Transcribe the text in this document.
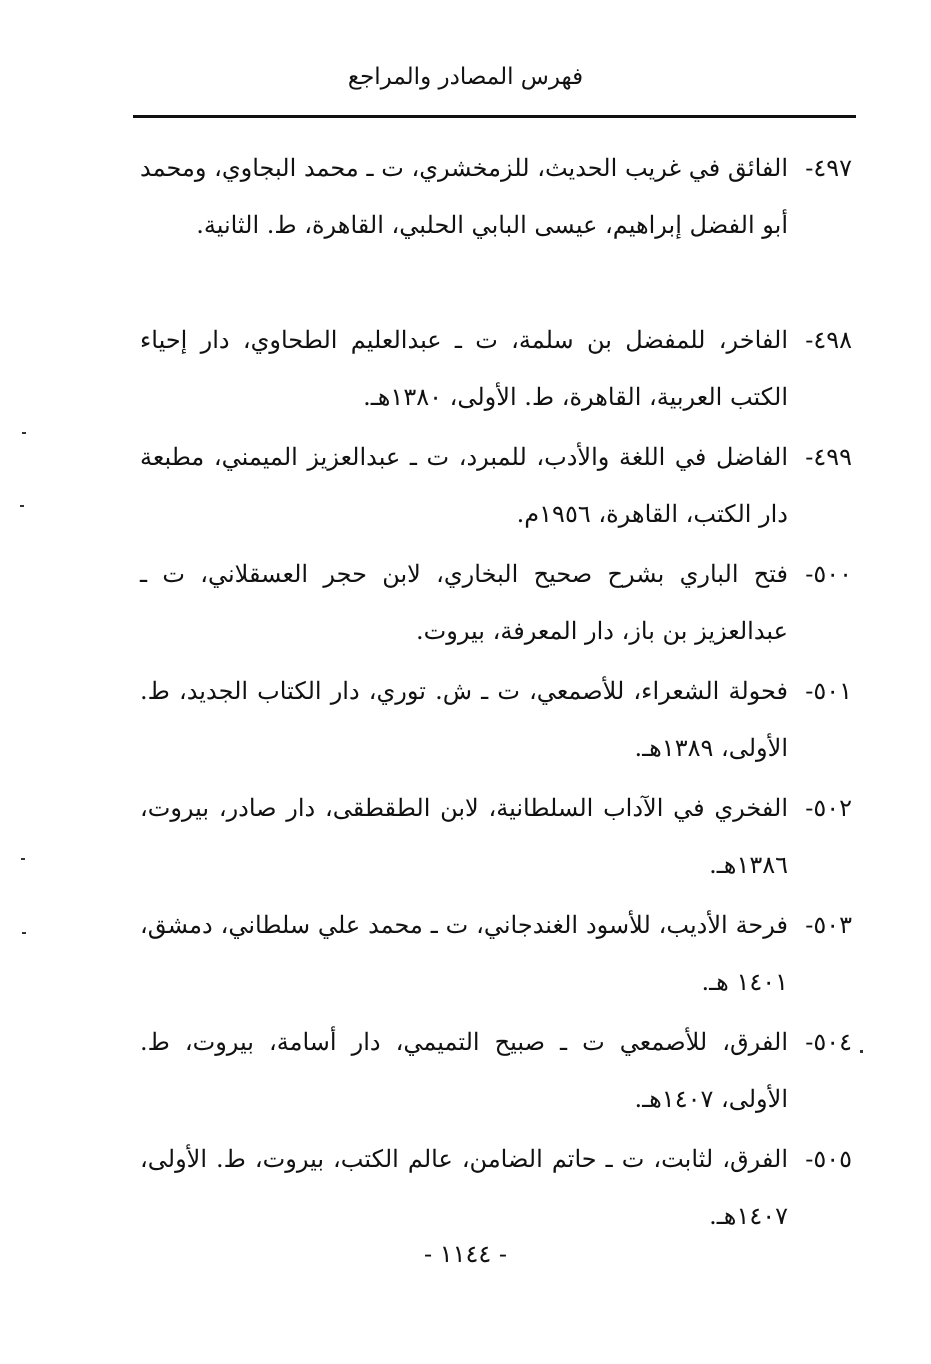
فهرس المصادر والمراجع
٤٩٧-
الفائق في غريب الحديث، للزمخشري، ت ـ محمد البجاوي، ومحمد أبو الفضل إبراهيم، عيسى البابي الحلبي، القاهرة، ط. الثانية.
٤٩٨-
الفاخر، للمفضل بن سلمة، ت ـ عبدالعليم الطحاوي، دار إحياء الكتب العربية، القاهرة، ط. الأولى، ١٣٨٠هـ.
٤٩٩-
الفاضل في اللغة والأدب، للمبرد، ت ـ عبدالعزيز الميمني، مطبعة دار الكتب، القاهرة، ١٩٥٦م.
٥٠٠-
فتح الباري بشرح صحيح البخاري، لابن حجر العسقلاني، ت ـ عبدالعزيز بن باز، دار المعرفة، بيروت.
٥٠١-
فحولة الشعراء، للأصمعي، ت ـ ش. توري، دار الكتاب الجديد، ط. الأولى، ١٣٨٩هـ.
٥٠٢-
الفخري في الآداب السلطانية، لابن الطقطقى، دار صادر، بيروت، ١٣٨٦هـ.
٥٠٣-
فرحة الأديب، للأسود الغندجاني، ت ـ محمد علي سلطاني، دمشق، ١٤٠١ هـ.
٥٠٤-
الفرق، للأصمعي ت ـ صبيح التميمي، دار أسامة، بيروت، ط. الأولى، ١٤٠٧هـ.
٥٠٥-
الفرق، لثابت، ت ـ حاتم الضامن، عالم الكتب، بيروت، ط. الأولى، ١٤٠٧هـ.
- ١١٤٤ -
